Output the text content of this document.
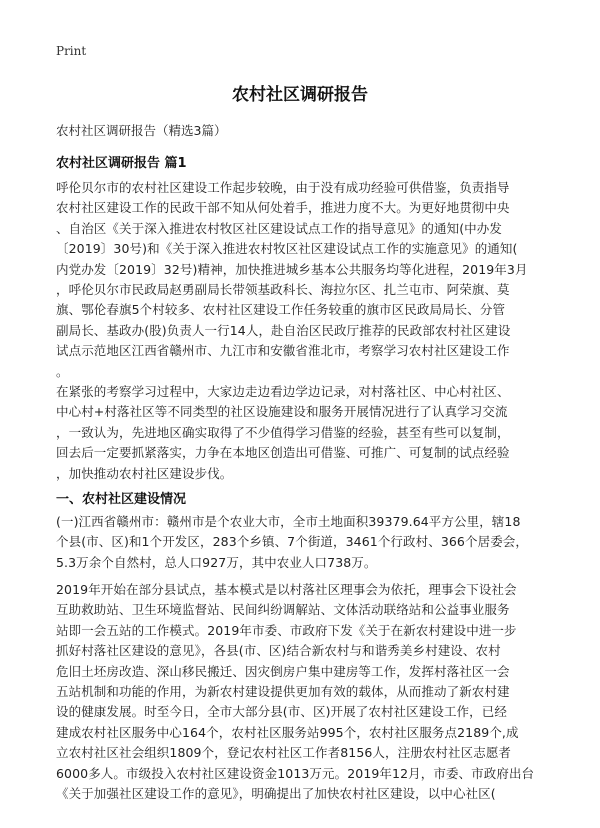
Print
农村社区调研报告
农村社区调研报告（精选3篇）
农村社区调研报告 篇1
呼伦贝尔市的农村社区建设工作起步较晚，由于没有成功经验可供借鉴，负责指导
农村社区建设工作的民政干部不知从何处着手，推进力度不大。为更好地贯彻中央
、自治区《关于深入推进农村牧区社区建设试点工作的指导意见》的通知(中办发
〔2019〕30号)和《关于深入推进农村牧区社区建设试点工作的实施意见》的通知(
内党办发〔2019〕32号)精神，加快推进城乡基本公共服务均等化进程，2019年3月
，呼伦贝尔市民政局赵勇副局长带领基政科长、海拉尔区、扎兰屯市、阿荣旗、莫
旗、鄂伦春旗5个村较多、农村社区建设工作任务较重的旗市区民政局局长、分管
副局长、基政办(股)负责人一行14人，赴自治区民政厅推荐的民政部农村社区建设
试点示范地区江西省赣州市、九江市和安徽省淮北市，考察学习农村社区建设工作
。
在紧张的考察学习过程中，大家边走边看边学边记录，对村落社区、中心村社区、
中心村+村落社区等不同类型的社区设施建设和服务开展情况进行了认真学习交流
，一致认为，先进地区确实取得了不少值得学习借鉴的经验，甚至有些可以复制，
回去后一定要抓紧落实，力争在本地区创造出可借鉴、可推广、可复制的试点经验
，加快推动农村社区建设步伐。
一、农村社区建设情况
(一)江西省赣州市：赣州市是个农业大市，全市土地面积39379.64平方公里，辖18
个县(市、区)和1个开发区，283个乡镇、7个街道，3461个行政村、366个居委会，
5.3万余个自然村，总人口927万，其中农业人口738万。
2019年开始在部分县试点，基本模式是以村落社区理事会为依托，理事会下设社会
互助救助站、卫生环境监督站、民间纠纷调解站、文体活动联络站和公益事业服务
站即一会五站的工作模式。2019年市委、市政府下发《关于在新农村建设中进一步
抓好村落社区建设的意见》，各县(市、区)结合新农村与和谐秀美乡村建设、农村
危旧土坯房改造、深山移民搬迁、因灾倒房户集中建房等工作，发挥村落社区一会
五站机制和功能的作用，为新农村建设提供更加有效的载体，从而推动了新农村建
设的健康发展。时至今日，全市大部分县(市、区)开展了农村社区建设工作，已经
建成农村社区服务中心164个，农村社区服务站995个，农村社区服务点2189个,成
立农村社区社会组织1809个，登记农村社区工作者8156人，注册农村社区志愿者
6000多人。市级投入农村社区建设资金1013万元。2019年12月，市委、市政府出台
《关于加强社区建设工作的意见》，明确提出了加快农村社区建设，以中心社区(
